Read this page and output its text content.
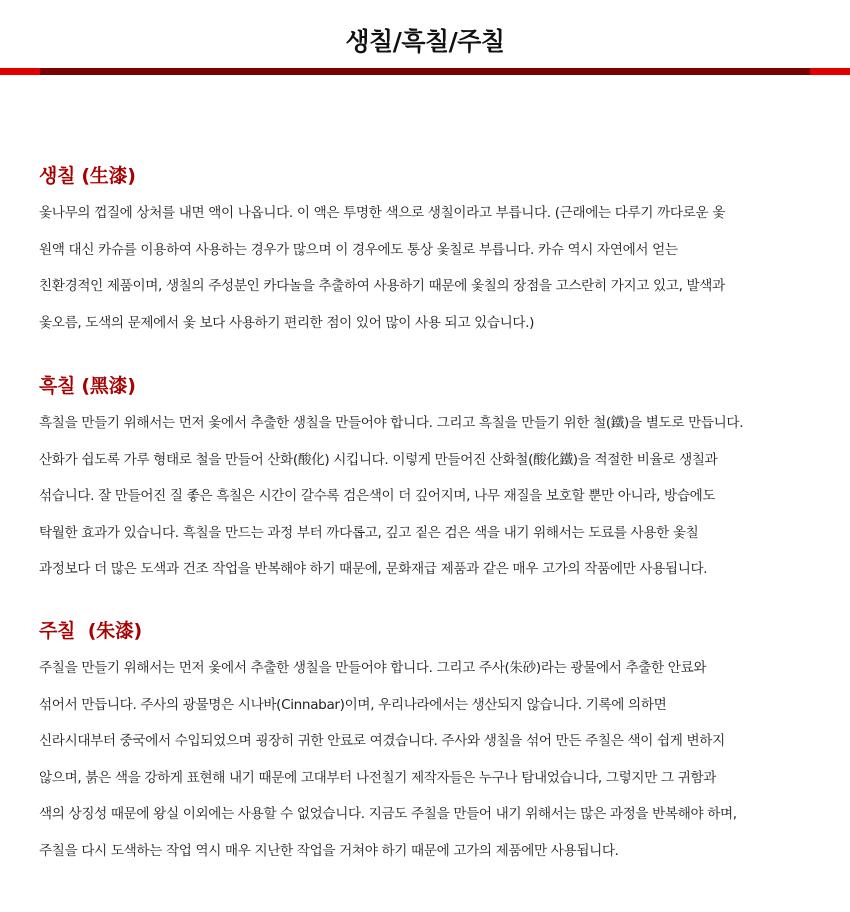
생칠/흑칠/주칠
생칠 (生漆)
옻나무의 껍질에 상처를 내면 액이 나옵니다. 이 액은 투명한 색으로 생칠이라고 부릅니다. (근래에는 다루기 까다로운 옻
원액 대신 카슈를 이용하여 사용하는 경우가 많으며 이 경우에도 통상 옻칠로 부릅니다. 카슈 역시 자연에서 얻는
친환경적인 제품이며, 생칠의 주성분인 카다놀을 추출하여 사용하기 때문에 옻칠의 장점을 고스란히 가지고 있고, 발색과
옻오름, 도색의 문제에서 옻 보다 사용하기 편리한 점이 있어 많이 사용 되고 있습니다.)
흑칠 (黑漆)
흑칠을 만들기 위해서는 먼저 옻에서 추출한 생칠을 만들어야 합니다. 그리고 흑칠을 만들기 위한 철(鐵)을 별도로 만듭니다.
산화가 쉽도록 가루 형태로 철을 만들어 산화(酸化) 시킵니다. 이렇게 만들어진 산화철(酸化鐵)을 적절한 비율로 생칠과
섞습니다. 잘 만들어진 질 좋은 흑칠은 시간이 갈수록 검은색이 더 깊어지며, 나무 재질을 보호할 뿐만 아니라, 방습에도
탁월한 효과가 있습니다. 흑칠을 만드는 과정 부터 까다롭고, 깊고 짙은 검은 색을 내기 위해서는 도료를 사용한 옻칠
과정보다 더 많은 도색과 건조 작업을 반복해야 하기 때문에, 문화재급 제품과 같은 매우 고가의 작품에만 사용됩니다.
주칠  (朱漆)
주칠을 만들기 위해서는 먼저 옻에서 추출한 생칠을 만들어야 합니다. 그리고 주사(朱砂)라는 광물에서 추출한 안료와
섞어서 만듭니다. 주사의 광물명은 시나바(Cinnabar)이며, 우리나라에서는 생산되지 않습니다. 기록에 의하면
신라시대부터 중국에서 수입되었으며 굉장히 귀한 안료로 여겼습니다. 주사와 생칠을 섞어 만든 주칠은 색이 쉽게 변하지
않으며, 붉은 색을 강하게 표현해 내기 때문에 고대부터 나전칠기 제작자들은 누구나 탐내었습니다, 그렇지만 그 귀함과
색의 상징성 때문에 왕실 이외에는 사용할 수 없었습니다. 지금도 주칠을 만들어 내기 위해서는 많은 과정을 반복해야 하며,
주칠을 다시 도색하는 작업 역시 매우 지난한 작업을 거쳐야 하기 때문에 고가의 제품에만 사용됩니다.
